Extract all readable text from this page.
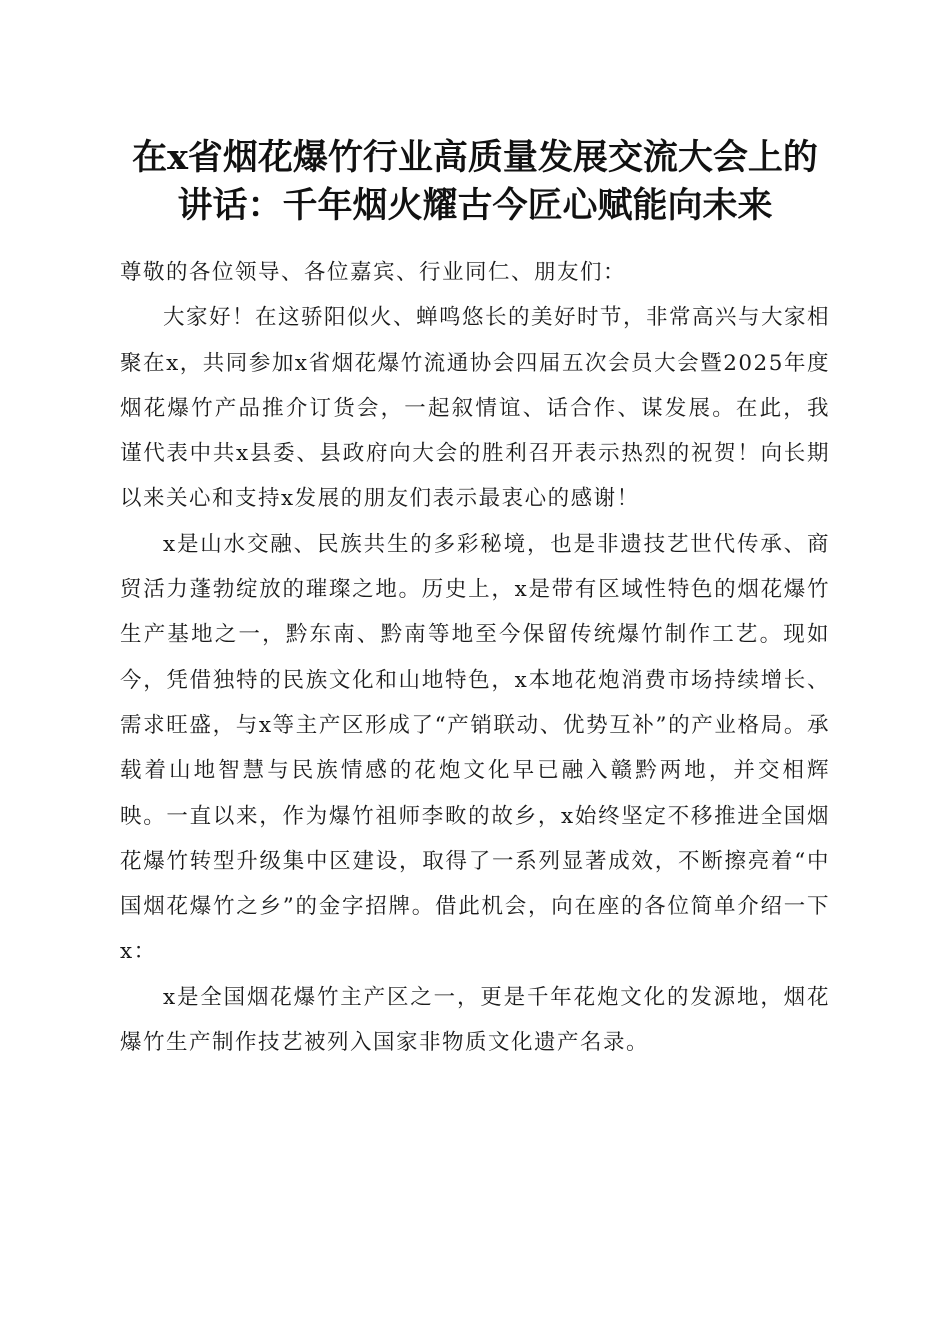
在x省烟花爆竹行业高质量发展交流大会上的
讲话：千年烟火耀古今匠心赋能向未来

尊敬的各位领导、各位嘉宾、行业同仁、朋友们：

大家好！在这骄阳似火、蝉鸣悠长的美好时节，非常高兴与大家相聚在x，共同参加x省烟花爆竹流通协会四届五次会员大会暨2025年度烟花爆竹产品推介订货会，一起叙情谊、话合作、谋发展。在此，我谨代表中共x县委、县政府向大会的胜利召开表示热烈的祝贺！向长期以来关心和支持x发展的朋友们表示最衷心的感谢！

x是山水交融、民族共生的多彩秘境，也是非遗技艺世代传承、商贸活力蓬勃绽放的璀璨之地。历史上，x是带有区域性特色的烟花爆竹生产基地之一，黔东南、黔南等地至今保留传统爆竹制作工艺。现如今，凭借独特的民族文化和山地特色，x本地花炮消费市场持续增长、需求旺盛，与x等主产区形成了“产销联动、优势互补”的产业格局。承载着山地智慧与民族情感的花炮文化早已融入赣黔两地，并交相辉映。一直以来，作为爆竹祖师李畋的故乡，x始终坚定不移推进全国烟花爆竹转型升级集中区建设，取得了一系列显著成效，不断擦亮着“中国烟花爆竹之乡”的金字招牌。借此机会，向在座的各位简单介绍一下x：

x是全国烟花爆竹主产区之一，更是千年花炮文化的发源地，烟花爆竹生产制作技艺被列入国家非物质文化遗产名录。
